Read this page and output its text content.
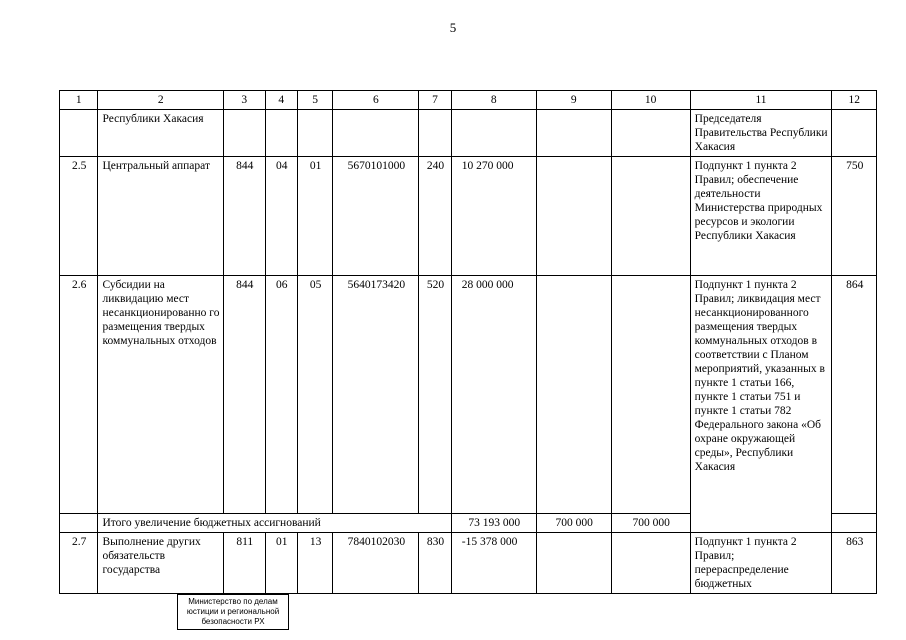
5
1	2	3	4	5	6	7	8	9	10	11	12
	Республики Хакасия									Председателя Правительства Республики Хакасия	
2.5	Центральный аппарат	844	04	01	5670101000	240	10 270 000			Подпункт 1 пункта 2 Правил; обеспечение деятельности Министерства природных ресурсов и экологии Республики Хакасия	750
2.6	Субсидии на ликвидацию мест несанкционированно го размещения твердых коммунальных отходов	844	06	05	5640173420	520	28 000 000			Подпункт 1 пункта 2 Правил; ликвидация мест несанкционированного размещения твердых коммунальных отходов в соответствии с Планом мероприятий, указанных в пункте 1 статьи 166, пункте 1 статьи 751 и пункте 1 статьи 782 Федерального закона «Об охране окружающей среды», Республики Хакасия	864
	Итого увеличение бюджетных ассигнований						73 193 000	700 000	700 000		
2.7	Выполнение других обязательств государства	811	01	13	7840102030	830	-15 378 000			Подпункт 1 пункта 2 Правил; перераспределение бюджетных	863
Министерство по делам
юстиции и региональной
безопасности РХ
